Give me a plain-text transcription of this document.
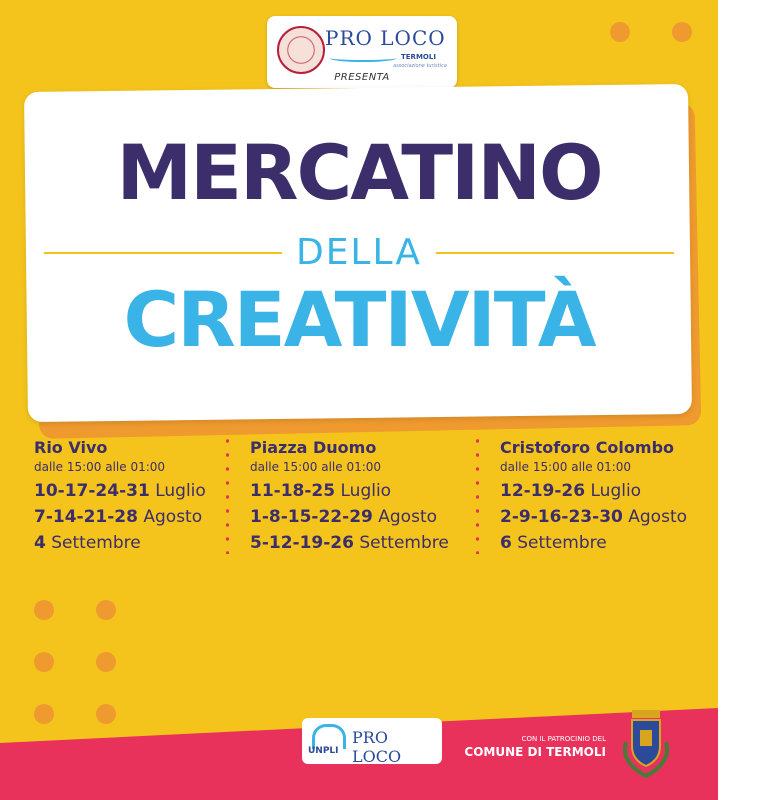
PRO LOCO
TERMOLI
associazione turistica
PRESENTA
MERCATINO
DELLA
CREATIVITÀ
Rio Vivo
dalle 15:00 alle 01:00
10-17-24-31 Luglio
7-14-21-28 Agosto
4 Settembre
Piazza Duomo
dalle 15:00 alle 01:00
11-18-25 Luglio
1-8-15-22-29 Agosto
5-12-19-26 Settembre
Cristoforo Colombo
dalle 15:00 alle 01:00
12-19-26 Luglio
2-9-16-23-30 Agosto
6 Settembre
UNPLI
PRO LOCO
CON IL PATROCINIO DEL
COMUNE DI TERMOLI
